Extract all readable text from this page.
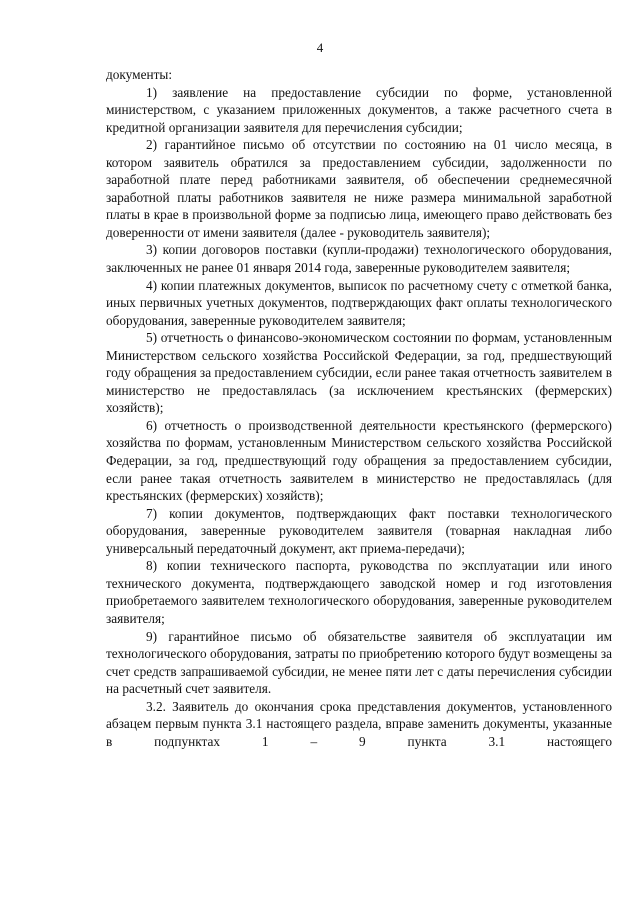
4

документы:

1) заявление на предоставление субсидии по форме, установленной министерством, с указанием приложенных документов, а также расчетного счета в кредитной организации заявителя для перечисления субсидии;

2) гарантийное письмо об отсутствии по состоянию на 01 число месяца, в котором заявитель обратился за предоставлением субсидии, задолженности по заработной плате перед работниками заявителя, об обеспечении среднемесячной заработной платы работников заявителя не ниже размера минимальной заработной платы в крае в произвольной форме за подписью лица, имеющего право действовать без доверенности от имени заявителя (далее - руководитель заявителя);

3) копии договоров поставки (купли-продажи) технологического оборудования, заключенных не ранее 01 января 2014 года, заверенные руководителем заявителя;

4) копии платежных документов, выписок по расчетному счету с отметкой банка, иных первичных учетных документов, подтверждающих факт оплаты технологического оборудования, заверенные руководителем заявителя;

5) отчетность о финансово-экономическом состоянии по формам, установленным Министерством сельского хозяйства Российской Федерации, за год, предшествующий году обращения за предоставлением субсидии, если ранее такая отчетность заявителем в министерство не предоставлялась (за исключением крестьянских (фермерских) хозяйств);

6) отчетность о производственной деятельности крестьянского (фермерского) хозяйства по формам, установленным Министерством сельского хозяйства Российской Федерации, за год, предшествующий году обращения за предоставлением субсидии, если ранее такая отчетность заявителем в министерство не предоставлялась (для крестьянских (фермерских) хозяйств);

7) копии документов, подтверждающих факт поставки технологического оборудования, заверенные руководителем заявителя (товарная накладная либо универсальный передаточный документ, акт приема-передачи);

8) копии технического паспорта, руководства по эксплуатации или иного технического документа, подтверждающего заводской номер и год изготовления приобретаемого заявителем технологического оборудования, заверенные руководителем заявителя;

9) гарантийное письмо об обязательстве заявителя об эксплуатации им технологического оборудования, затраты по приобретению которого будут возмещены за счет средств запрашиваемой субсидии, не менее пяти лет с даты перечисления субсидии на расчетный счет заявителя.

3.2. Заявитель до окончания срока представления документов, установленного абзацем первым пункта 3.1 настоящего раздела, вправе заменить документы, указанные в подпунктах 1 – 9 пункта 3.1 настоящего
